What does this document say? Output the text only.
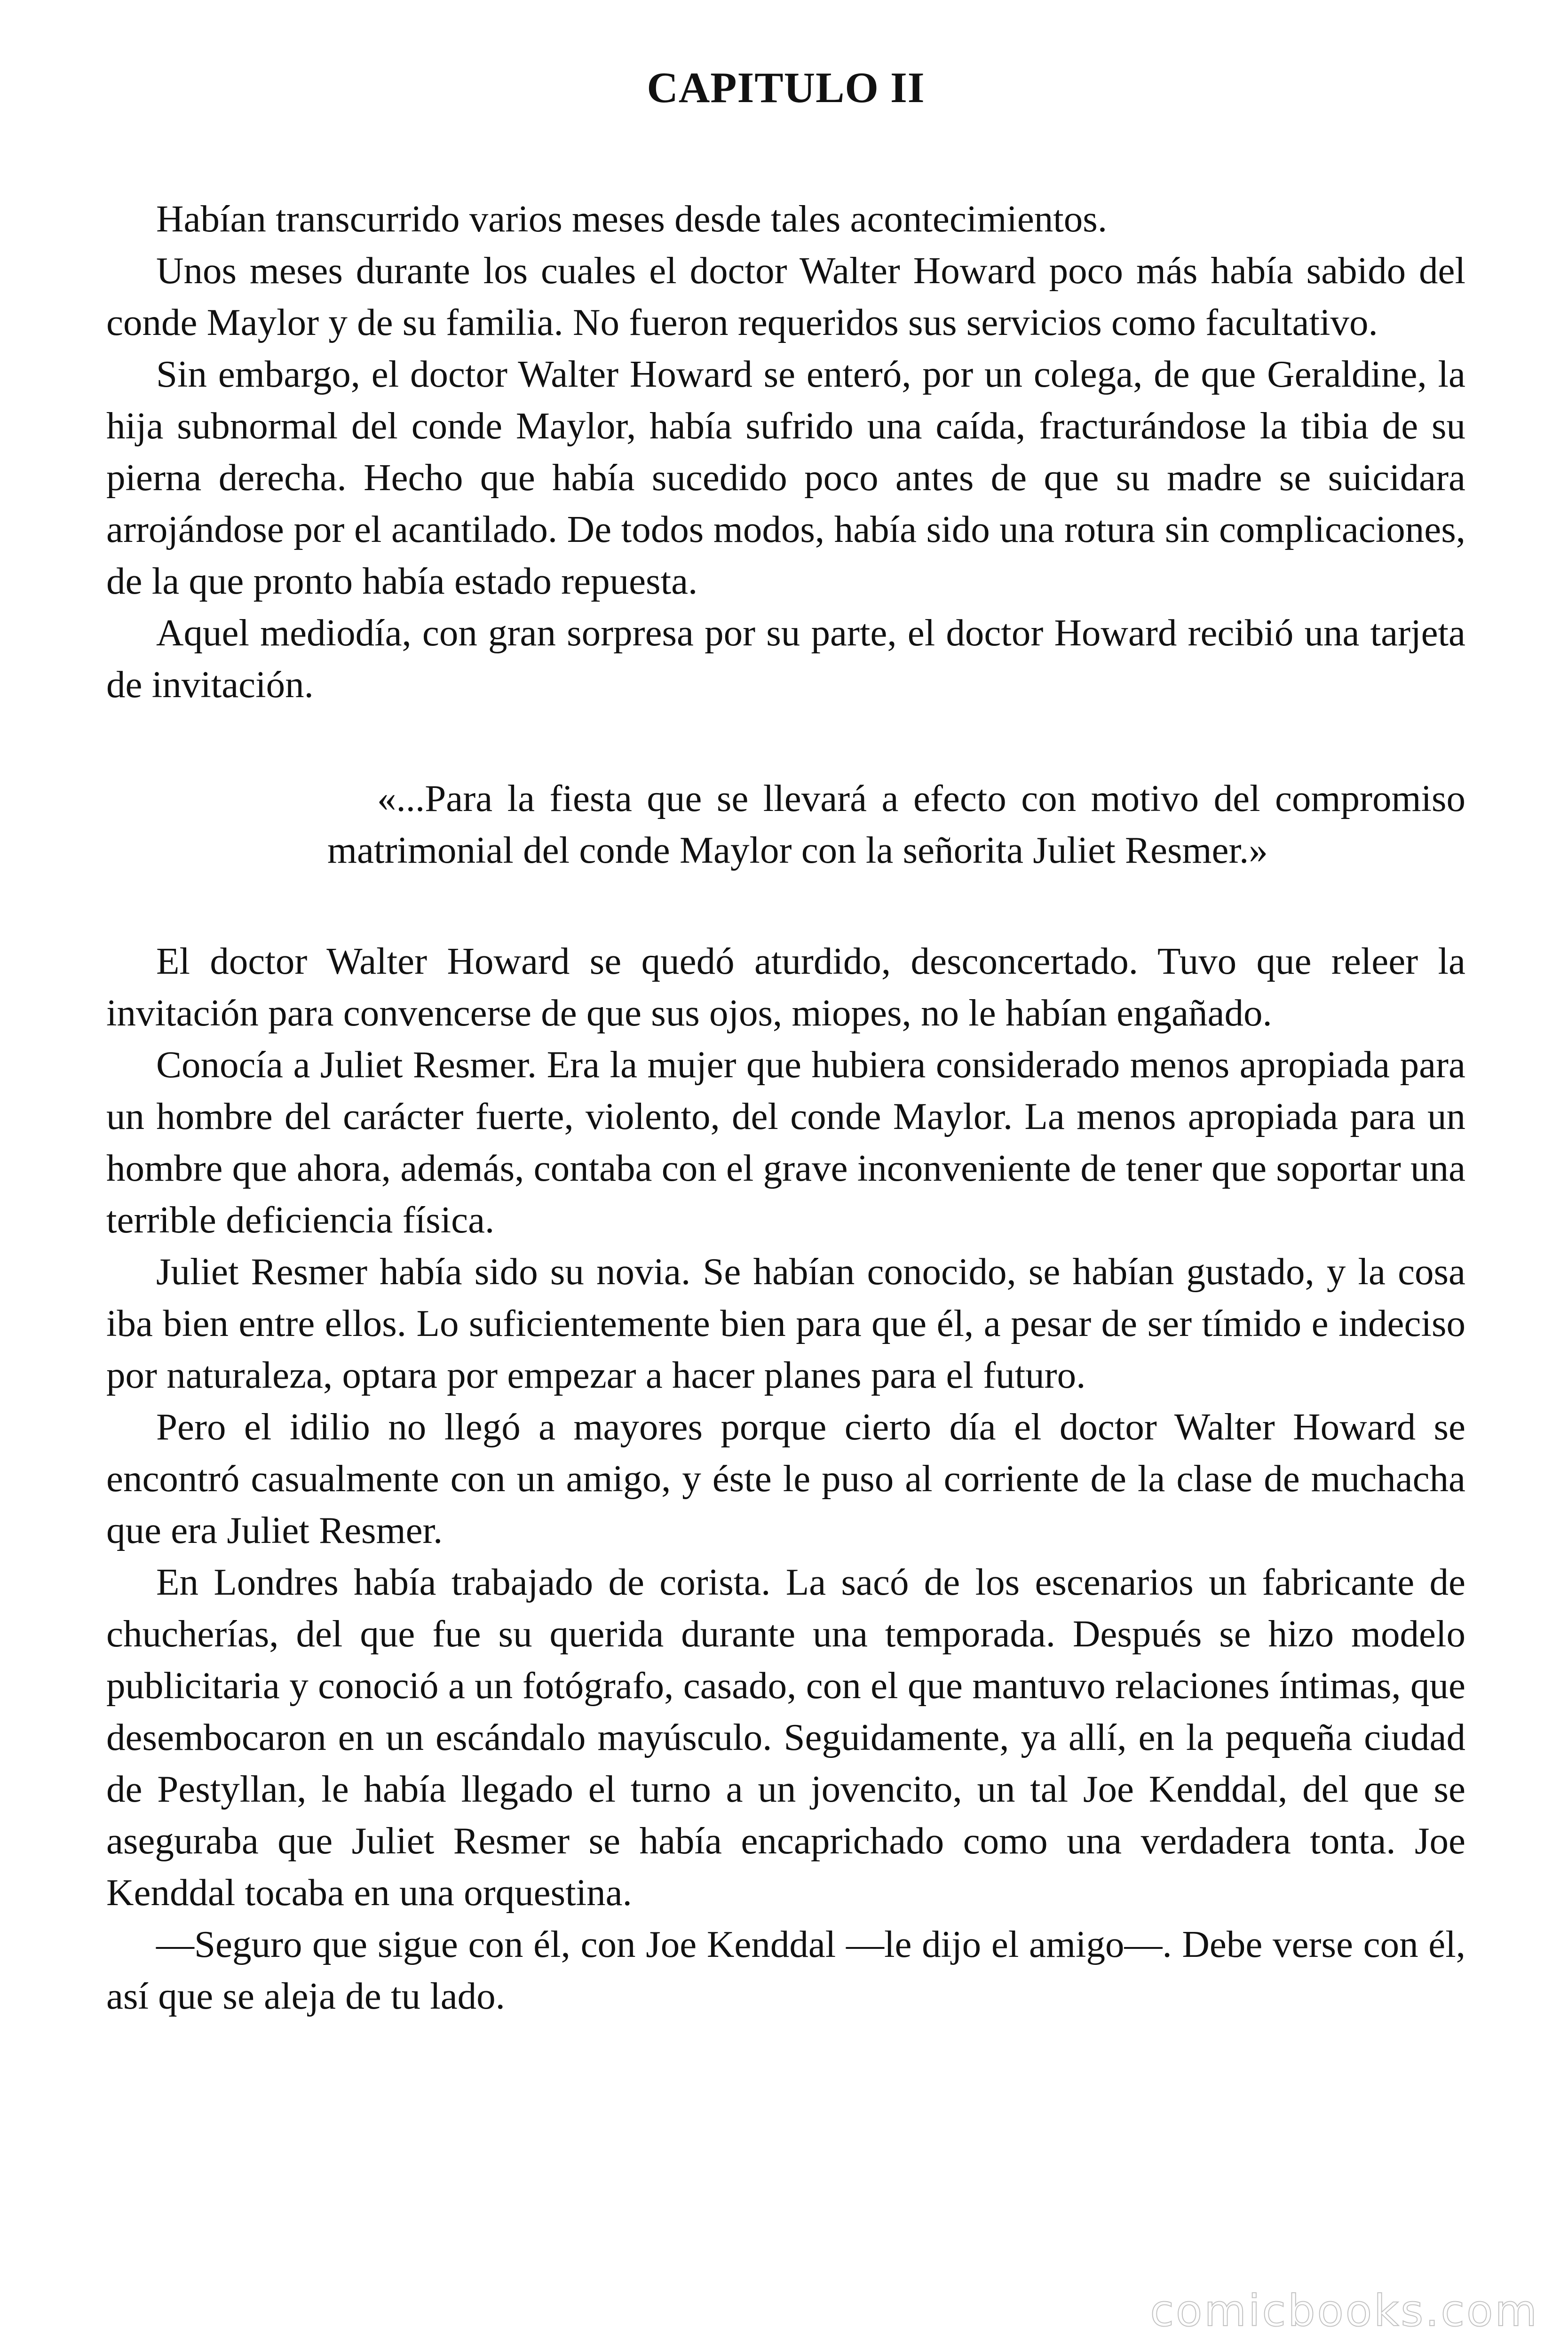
CAPITULO II

Habían transcurrido varios meses desde tales acontecimientos.

Unos meses durante los cuales el doctor Walter Howard poco más había sabido del conde Maylor y de su familia. No fueron requeridos sus servicios como facultativo.

Sin embargo, el doctor Walter Howard se enteró, por un colega, de que Geraldine, la hija subnormal del conde Maylor, había sufrido una caída, fracturándose la tibia de su pierna derecha. Hecho que había sucedido poco antes de que su madre se suicidara arrojándose por el acantilado. De todos modos, había sido una rotura sin complicaciones, de la que pronto había estado repuesta.

Aquel mediodía, con gran sorpresa por su parte, el doctor Howard recibió una tarjeta de invitación.

«...Para la fiesta que se llevará a efecto con motivo del compromiso matrimonial del conde Maylor con la señorita Juliet Resmer.»

El doctor Walter Howard se quedó aturdido, desconcertado. Tuvo que releer la invitación para convencerse de que sus ojos, miopes, no le habían engañado.

Conocía a Juliet Resmer. Era la mujer que hubiera considerado menos apropiada para un hombre del carácter fuerte, violento, del conde Maylor. La menos apropiada para un hombre que ahora, además, contaba con el grave inconveniente de tener que soportar una terrible deficiencia física.

Juliet Resmer había sido su novia. Se habían conocido, se habían gustado, y la cosa iba bien entre ellos. Lo suficientemente bien para que él, a pesar de ser tímido e indeciso por naturaleza, optara por empezar a hacer planes para el futuro.

Pero el idilio no llegó a mayores porque cierto día el doctor Walter Howard se encontró casualmente con un amigo, y éste le puso al corriente de la clase de muchacha que era Juliet Resmer.

En Londres había trabajado de corista. La sacó de los escenarios un fabricante de chucherías, del que fue su querida durante una temporada. Después se hizo modelo publicitaria y conoció a un fotógrafo, casado, con el que mantuvo relaciones íntimas, que desembocaron en un escándalo mayúsculo. Seguidamente, ya allí, en la pequeña ciudad de Pestyllan, le había llegado el turno a un jovencito, un tal Joe Kenddal, del que se aseguraba que Juliet Resmer se había encaprichado como una verdadera tonta. Joe Kenddal tocaba en una orquestina.

—Seguro que sigue con él, con Joe Kenddal —le dijo el amigo—. Debe verse con él, así que se aleja de tu lado.

comicbooks.com
